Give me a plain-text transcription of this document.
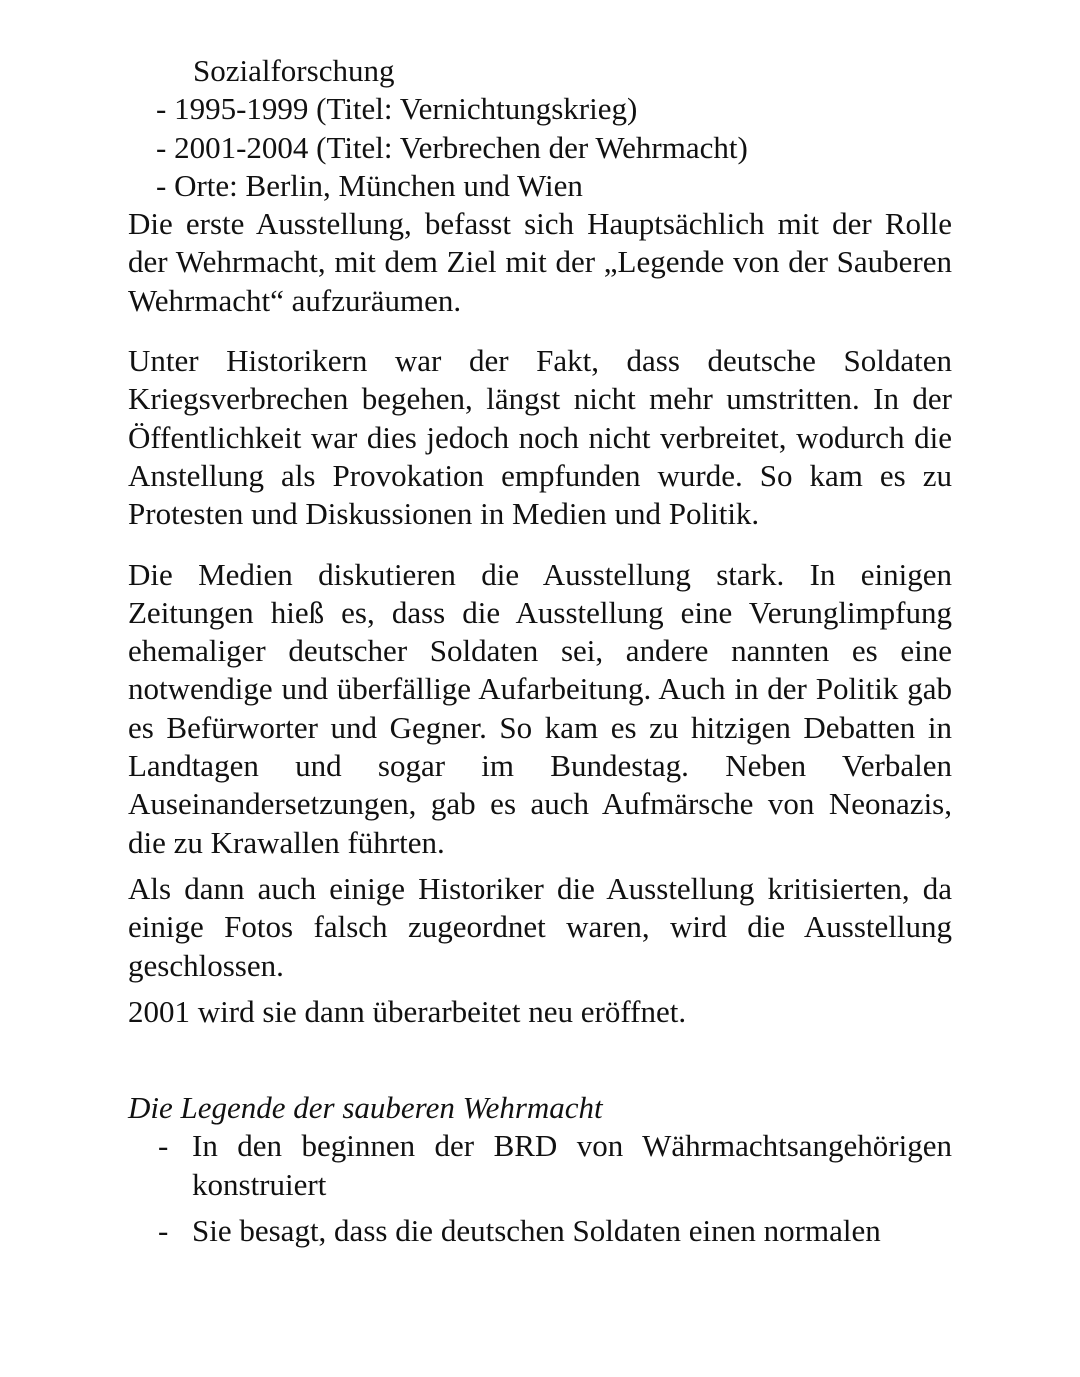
Sozialforschung
- 1995-1999 (Titel: Vernichtungskrieg)
- 2001-2004 (Titel: Verbrechen der Wehrmacht)
- Orte: Berlin, München und Wien

Die erste Ausstellung, befasst sich Hauptsächlich mit der Rolle der Wehrmacht, mit dem Ziel mit der „Legende von der Sauberen Wehrmacht“ aufzuräumen.

Unter Historikern war der Fakt, dass deutsche Soldaten Kriegsverbrechen begehen, längst nicht mehr umstritten. In der Öffentlichkeit war dies jedoch noch nicht verbreitet, wodurch die Anstellung als Provokation empfunden wurde. So kam es zu Protesten und Diskussionen in Medien und Politik.

Die Medien diskutieren die Ausstellung stark. In einigen Zeitungen hieß es, dass die Ausstellung eine Verunglimpfung ehemaliger deutscher Soldaten sei, andere nannten es eine notwendige und überfällige Aufarbeitung. Auch in der Politik gab es Befürworter und Gegner. So kam es zu hitzigen Debatten in Landtagen und sogar im Bundestag. Neben Verbalen Auseinandersetzungen, gab es auch Aufmärsche von Neonazis, die zu Krawallen führten.

Als dann auch einige Historiker die Ausstellung kritisierten, da einige Fotos falsch zugeordnet waren, wird die Ausstellung geschlossen.

2001 wird sie dann überarbeitet neu eröffnet.

Die Legende der sauberen Wehrmacht

- In den beginnen der BRD von Währmachtsangehörigen konstruiert
- Sie besagt, dass die deutschen Soldaten einen normalen
